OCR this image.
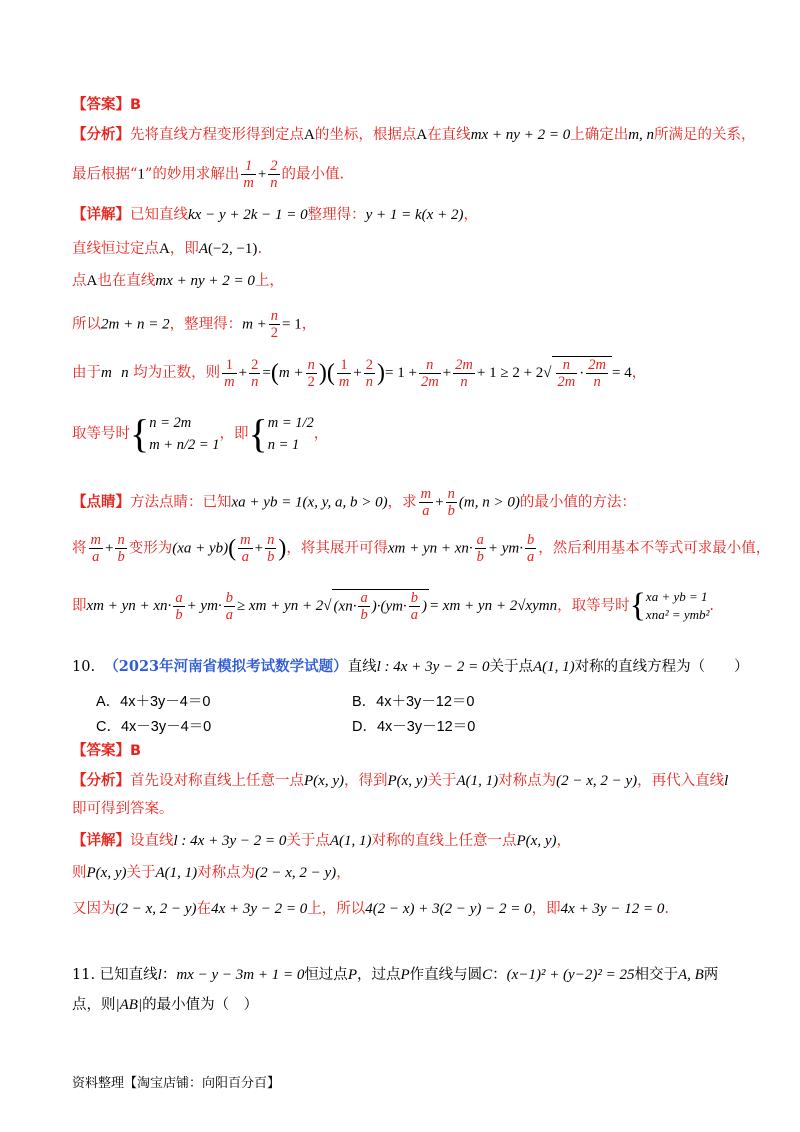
【答案】B
【分析】先将直线方程变形得到定点A的坐标，根据点A在直线mx + ny + 2 = 0上确定出m, n所满足的关系，
最后根据“1”的妙用求解出 $\frac{1}{m} + \frac{2}{n}$ 的最小值.
【详解】已知直线kx − y + 2k − 1 = 0整理得：y + 1 = k(x + 2)，
直线恒过定点A，即A(−2, −1).
点A也在直线mx + ny + 2 = 0上，
所以2m + n = 2，整理得：$m + \frac{n}{2} = 1$，
由于m n 均为正数，则 $\frac{1}{m} + \frac{2}{n} =(m + \frac{n}{2}$ )( $\frac{1}{m} + \frac{2}{n}$ )= $1 + \frac{n}{2m} + \frac{2m}{n} + 1 \ge 2 + 2√ \frac{n}{2m} \cdot \frac{2m}{n} = 4$，
取等号时{n = 2m
m + n/2 = 1，即{m = 1/2
n = 1，
【点睛】方法点睛：已知xa + yb = 1(x, y, a, b > 0)，求 $\frac{m}{a} + \frac{n}{b} (m$, n > 0)的最小值的方法：
将 $\frac{m}{a} + \frac{n}{b}$ 变形为$(xa + yb)( \frac{m}{a} + \frac{n}{b}$ )，将其展开可得xm + yn + $xn\cdot \frac{a}{b} + ym\cdot \frac{b}{a}$ ，然后利用基本不等式可求最小值，
即xm + yn + $xn\cdot \frac{a}{b} + ym\cdot \frac{b}{a}$ ≥ xm + yn + 2√ $(xn\cdot \frac{a}{b} )\cdot(ym\cdot \frac{b}{a}$ ) = xm + yn + 2√xymn，取等号时{xa + yb = 1
xna² = ymb².
10. （2023年河南省模拟考试数学试题）直线l : 4x + 3y − 2 = 0关于点A(1, 1)对称的直线方程为（　　）
A．4x＋3y－4＝0	B．4x＋3y－12＝0
C．4x－3y－4＝0	D．4x－3y－12＝0
【答案】B
【分析】首先设对称直线上任意一点P(x, y)，得到P(x, y)关于A(1, 1)对称点为(2 − x, 2 − y)，再代入直线l
即可得到答案。
【详解】设直线l : 4x + 3y − 2 = 0关于点A(1, 1)对称的直线上任意一点P(x, y)，
则P(x, y)关于A(1, 1)对称点为(2 − x, 2 − y)，
又因为(2 − x, 2 − y)在4x + 3y − 2 = 0上，所以4(2 − x) + 3(2 − y) − 2 = 0，即4x + 3y − 12 = 0.
11. 已知直线l：mx − y − 3m + 1 = 0恒过点P，过点P作直线与圆C：(x−1)² + (y−2)² = 25相交于A, B两
点，则|AB|的最小值为（　）
资料整理【淘宝店铺：向阳百分百】
